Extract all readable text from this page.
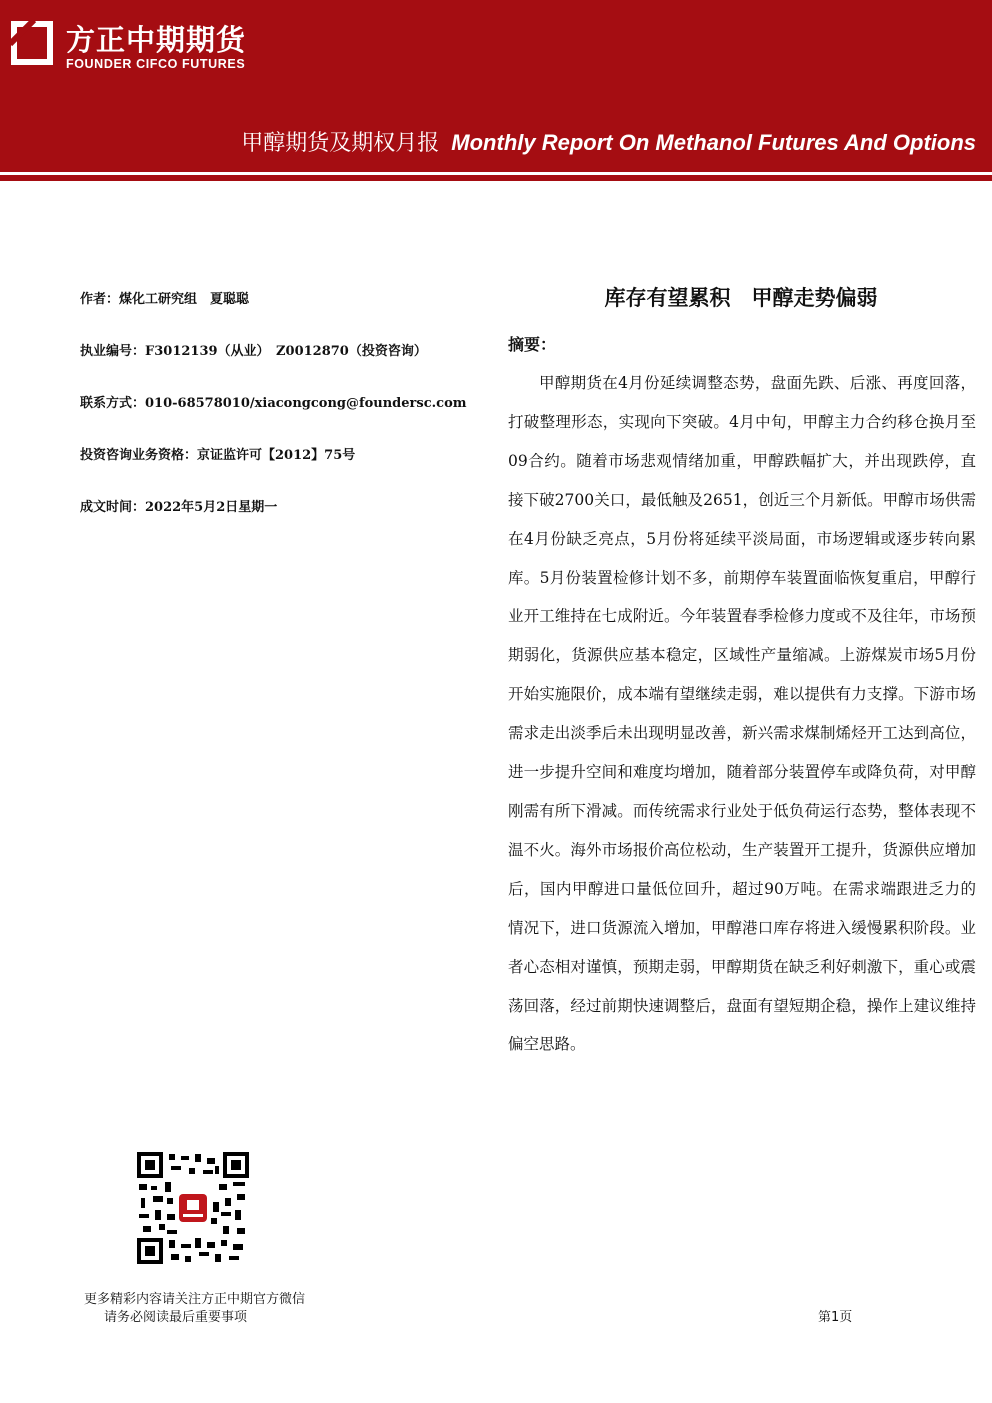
方正中期期货
FOUNDER CIFCO FUTURES
甲醇期货及期权月报 Monthly Report On Methanol Futures And Options
作者：煤化工研究组　夏聪聪
执业编号：F3012139（从业）　Z0012870（投资咨询）
联系方式：010-68578010/xiacongcong@foundersc.com
投资咨询业务资格：京证监许可【2012】75号
成文时间：2022年5月2日星期一
库存有望累积　甲醇走势偏弱
摘要：
甲醇期货在4月份延续调整态势，盘面先跌、后涨、再度回落，打破整理形态，实现向下突破。4月中旬，甲醇主力合约移仓换月至09合约。随着市场悲观情绪加重，甲醇跌幅扩大，并出现跌停，直接下破2700关口，最低触及2651，创近三个月新低。甲醇市场供需在4月份缺乏亮点，5月份将延续平淡局面，市场逻辑或逐步转向累库。5月份装置检修计划不多，前期停车装置面临恢复重启，甲醇行业开工维持在七成附近。今年装置春季检修力度或不及往年，市场预期弱化，货源供应基本稳定，区域性产量缩减。上游煤炭市场5月份开始实施限价，成本端有望继续走弱，难以提供有力支撑。下游市场需求走出淡季后未出现明显改善，新兴需求煤制烯烃开工达到高位，进一步提升空间和难度均增加，随着部分装置停车或降负荷，对甲醇刚需有所下滑减。而传统需求行业处于低负荷运行态势，整体表现不温不火。海外市场报价高位松动，生产装置开工提升，货源供应增加后，国内甲醇进口量低位回升，超过90万吨。在需求端跟进乏力的情况下，进口货源流入增加，甲醇港口库存将进入缓慢累积阶段。业者心态相对谨慎，预期走弱，甲醇期货在缺乏利好刺激下，重心或震荡回落，经过前期快速调整后，盘面有望短期企稳，操作上建议维持偏空思路。
更多精彩内容请关注方正中期官方微信
请务必阅读最后重要事项	第1页
